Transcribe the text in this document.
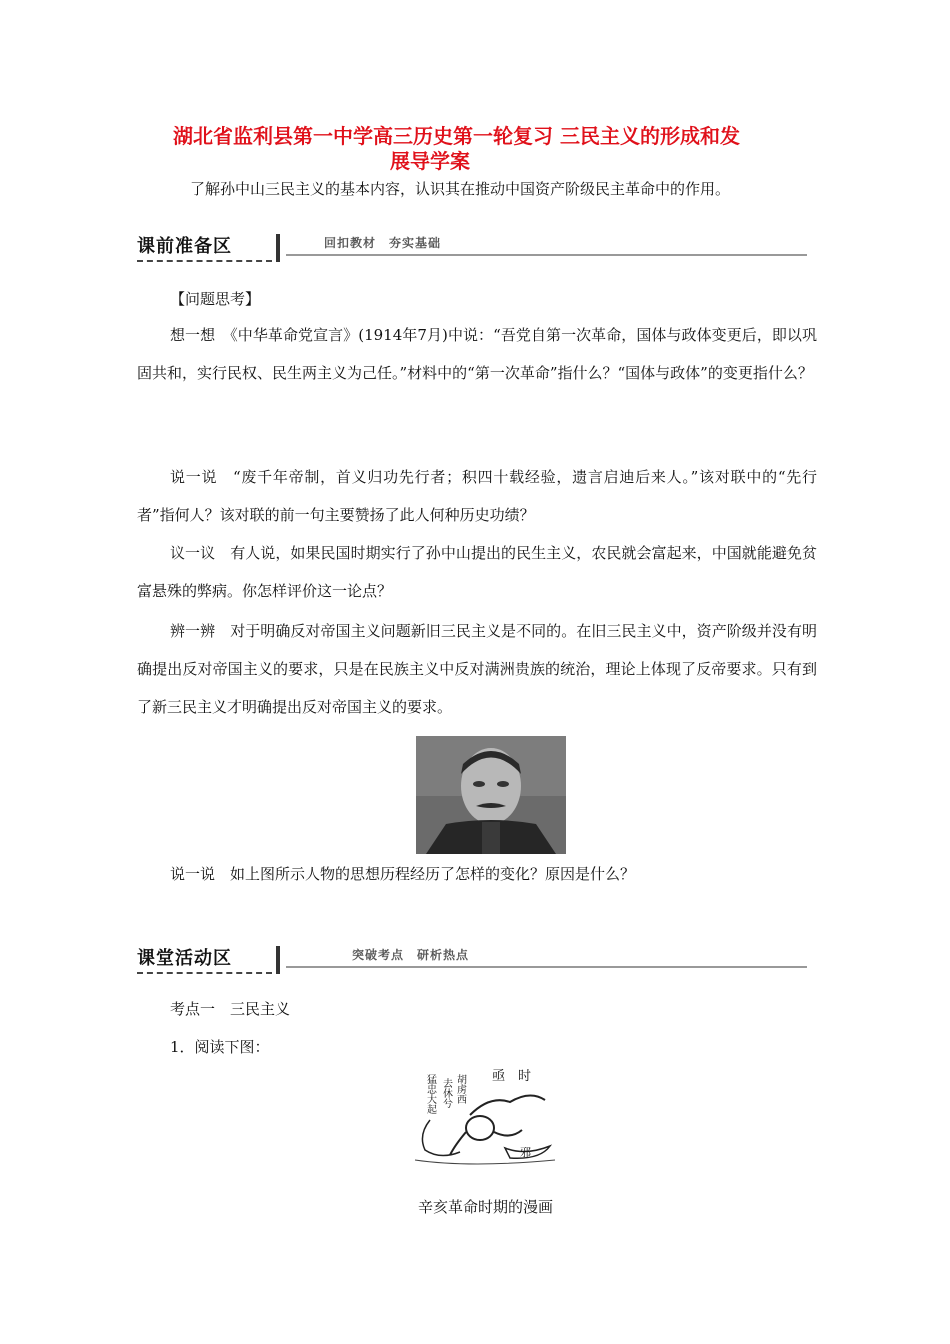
湖北省监利县第一中学高三历史第一轮复习 三民主义的形成和发
展导学案
了解孙中山三民主义的基本内容，认识其在推动中国资产阶级民主革命中的作用。
课前准备区	回扣教材　夯实基础
【问题思考】
想一想　《中华革命党宣言》(1914年7月)中说：“吾党自第一次革命，国体与政体变更后，即以巩固共和，实行民权、民生两主义为己任。”材料中的“第一次革命”指什么？“国体与政体”的变更指什么？
说一说　“废千年帝制，首义归功先行者；积四十载经验，遗言启迪后来人。”该对联中的“先行者”指何人？该对联的前一句主要赞扬了此人何种历史功绩？
议一议　有人说，如果民国时期实行了孙中山提出的民生主义，农民就会富起来，中国就能避免贫富悬殊的弊病。你怎样评价这一论点？
辨一辨　对于明确反对帝国主义问题新旧三民主义是不同的。在旧三民主义中，资产阶级并没有明确提出反对帝国主义的要求，只是在民族主义中反对满洲贵族的统治，理论上体现了反帝要求。只有到了新三民主义才明确提出反对帝国主义的要求。
说一说　如上图所示人物的思想历程经历了怎样的变化？原因是什么？
课堂活动区	突破考点　研析热点
考点一　三民主义
1．阅读下图：
亟　时
胡虏西
去休兮
猛忠大起
邪
辛亥革命时期的漫画
